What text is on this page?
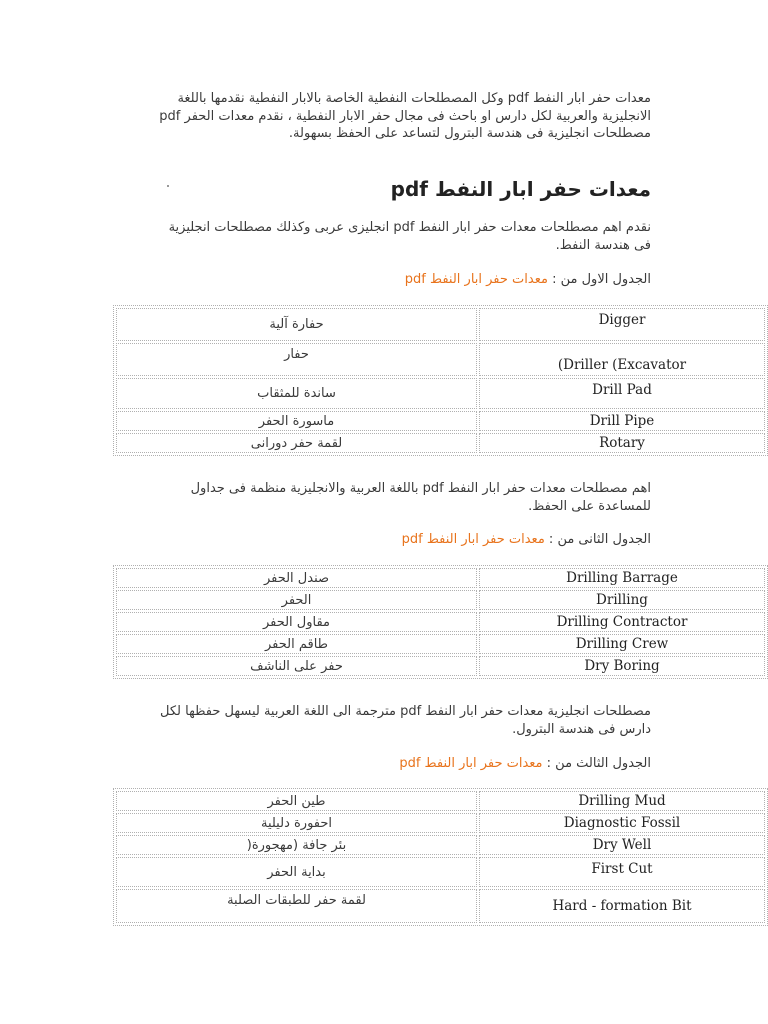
معدات حفر ابار النفط pdf وكل المصطلحات النفطية الخاصة بالابار النفطية نقدمها باللغة الانجليزية والعربية لكل دارس او باحث فى مجال حفر الابار النفطية ، نقدم معدات الحفر pdf مصطلحات انجليزية فى هندسة البترول لتساعد على الحفظ بسهولة.

معدات حفر ابار النفط pdf

نقدم اهم مصطلحات معدات حفر ابار النفط pdf انجليزى عربى وكذلك مصطلحات انجليزية فى هندسة النفط.

الجدول الاول من : معدات حفر ابار النفط pdf

حفارة آلية	Digger
حفار	(Driller (Excavator
ساندة للمثقاب	Drill Pad
ماسورة الحفر	Drill Pipe
لقمة حفر دورانى	Rotary

اهم مصطلحات معدات حفر ابار النفط pdf باللغة العربية والانجليزية منظمة فى جداول للمساعدة على الحفظ.

الجدول الثانى من : معدات حفر ابار النفط pdf

صندل الحفر	Drilling Barrage
الحفر	Drilling
مقاول الحفر	Drilling Contractor
طاقم الحفر	Drilling Crew
حفر على الناشف	Dry Boring

مصطلحات انجليزية معدات حفر ابار النفط pdf مترجمة الى اللغة العربية ليسهل حفظها لكل دارس فى هندسة البترول.

الجدول الثالث من : معدات حفر ابار النفط pdf

طين الحفر	Drilling Mud
احفورة دليلية	Diagnostic Fossil
بئر جافة (مهجورة(	Dry Well
بداية الحفر	First Cut
لقمة حفر للطبقات الصلبة	Hard - formation Bit
